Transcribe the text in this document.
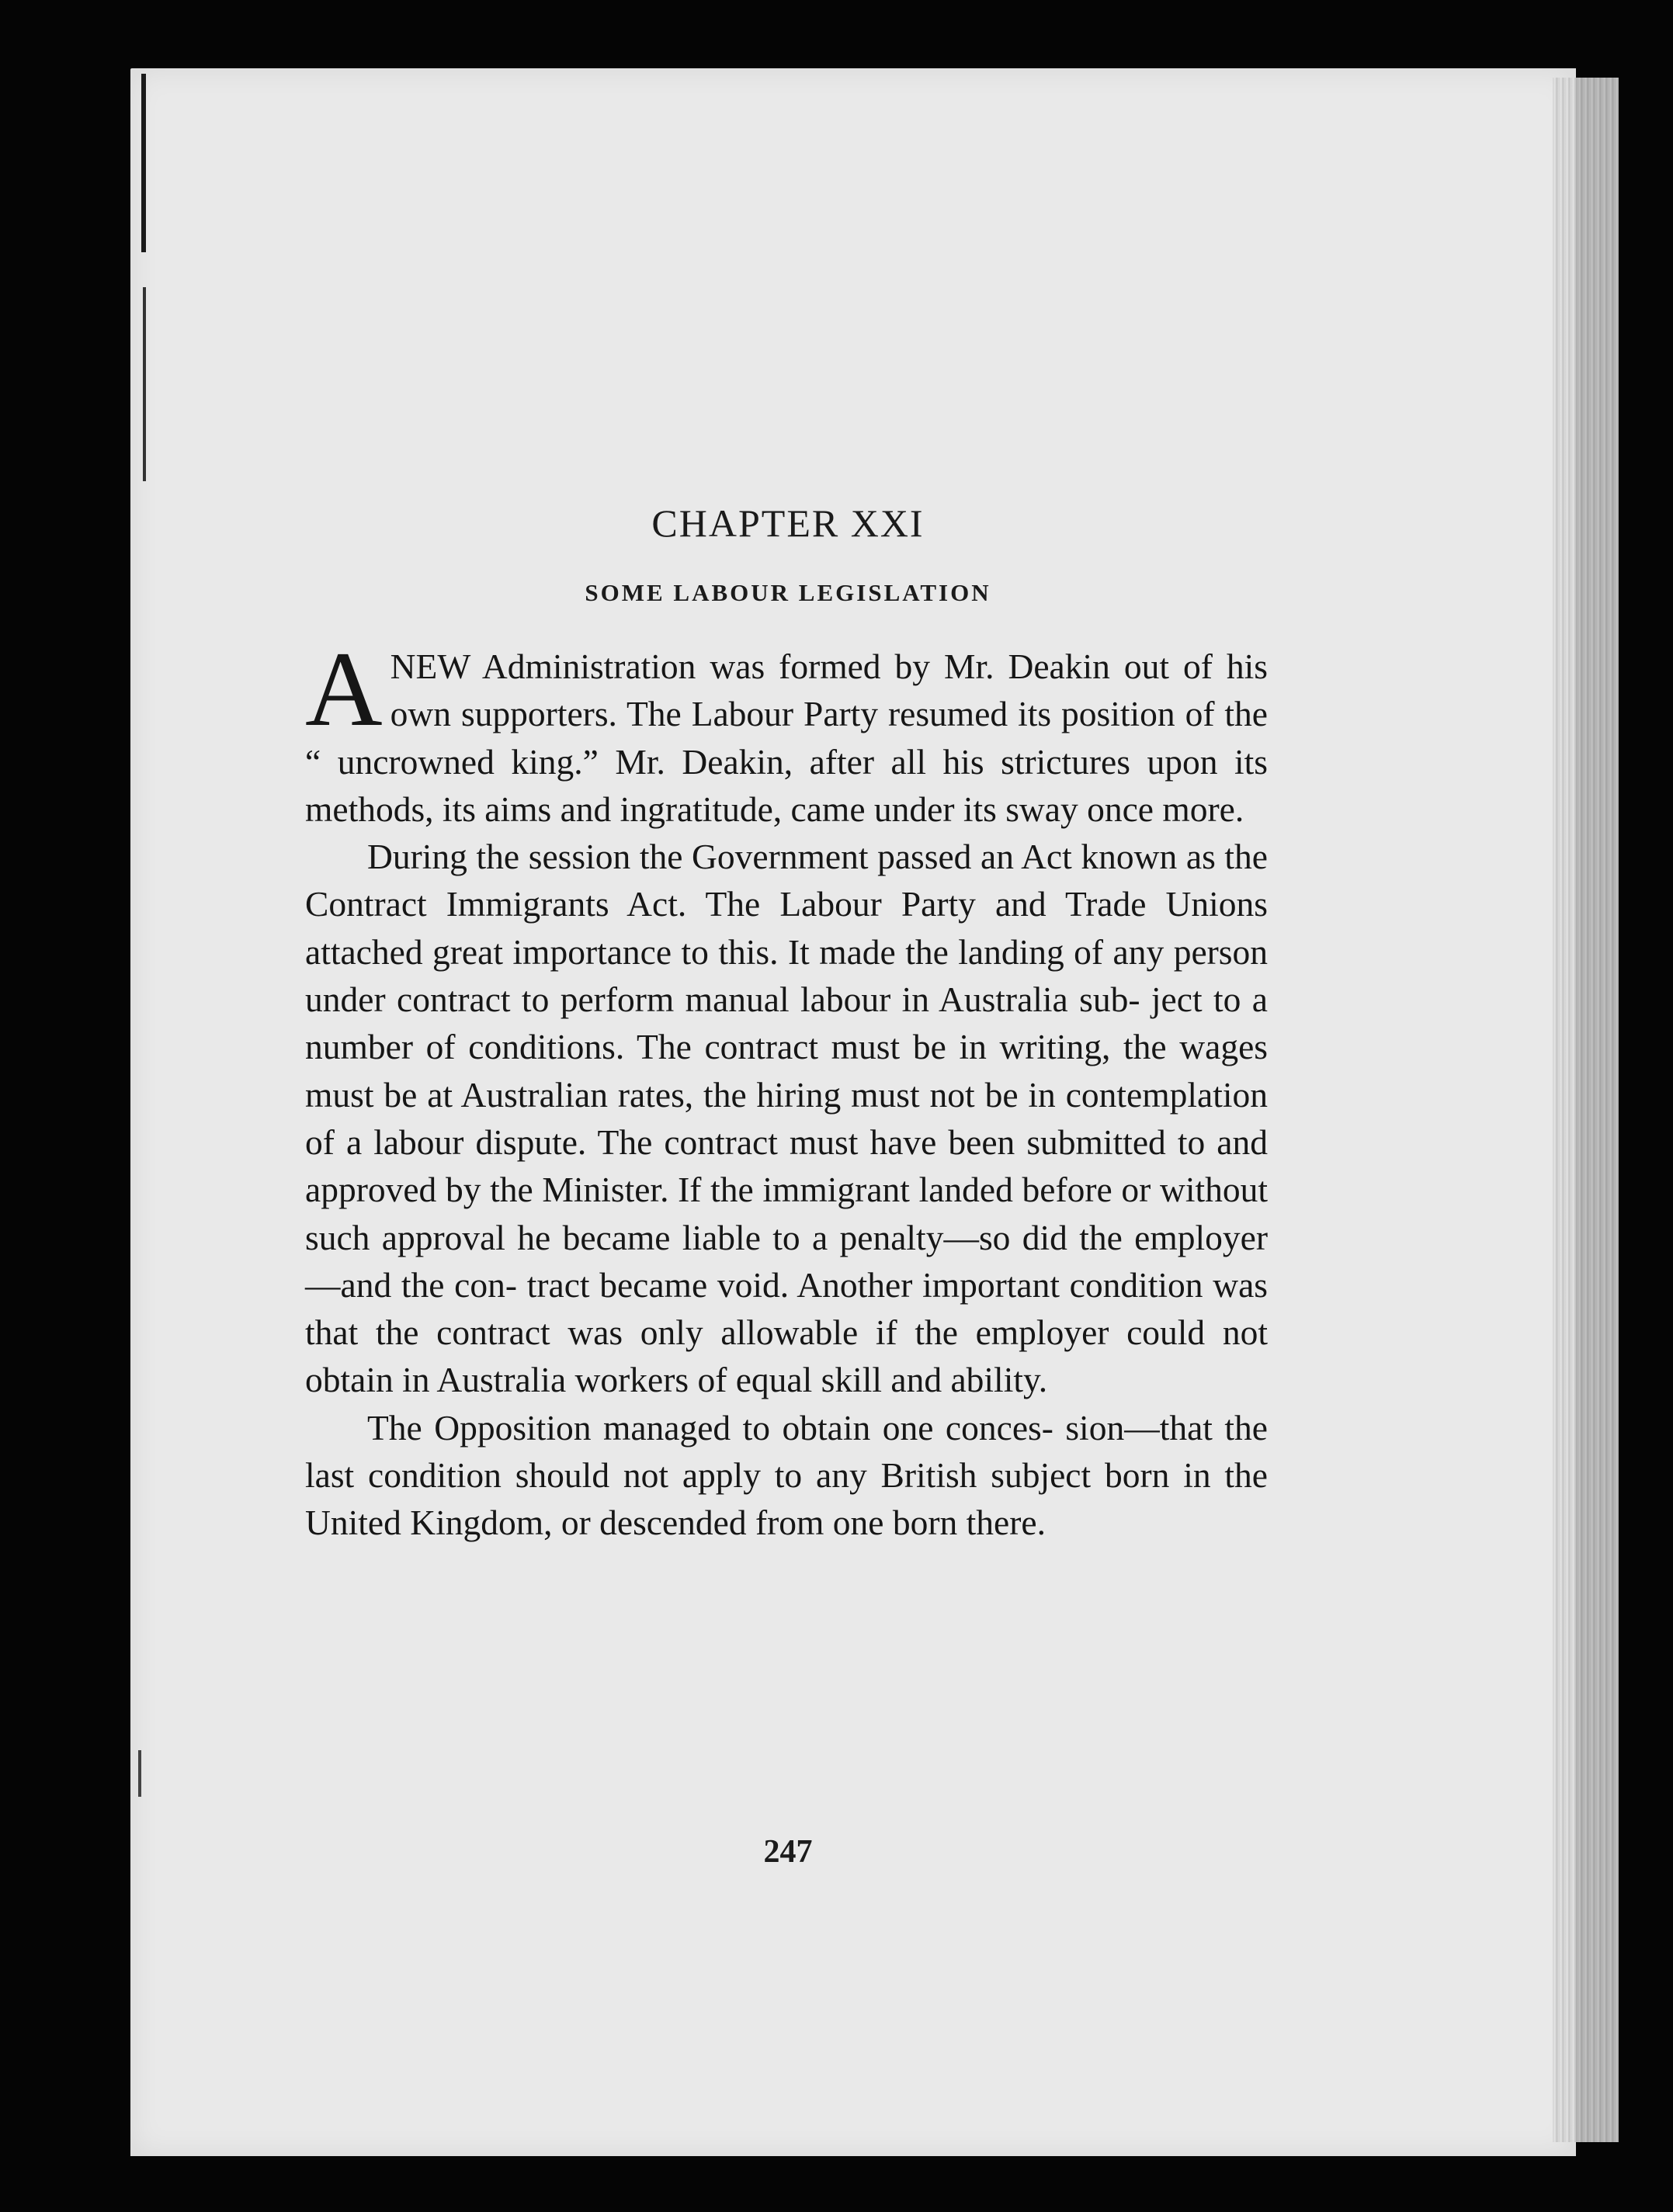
CHAPTER XXI
SOME LABOUR LEGISLATION

A NEW Administration was formed by Mr. Deakin out of his own supporters. The Labour Party resumed its position of the “ uncrowned king.” Mr. Deakin, after all his strictures upon its methods, its aims and ingratitude, came under its sway once more.

During the session the Government passed an Act known as the Contract Immigrants Act. The Labour Party and Trade Unions attached great importance to this. It made the landing of any person under contract to perform manual labour in Australia sub- ject to a number of conditions. The contract must be in writing, the wages must be at Australian rates, the hiring must not be in contemplation of a labour dispute. The contract must have been submitted to and approved by the Minister. If the immigrant landed before or without such approval he became liable to a penalty—so did the employer—and the con- tract became void. Another important condition was that the contract was only allowable if the employer could not obtain in Australia workers of equal skill and ability.

The Opposition managed to obtain one conces- sion—that the last condition should not apply to any British subject born in the United Kingdom, or descended from one born there.

247
